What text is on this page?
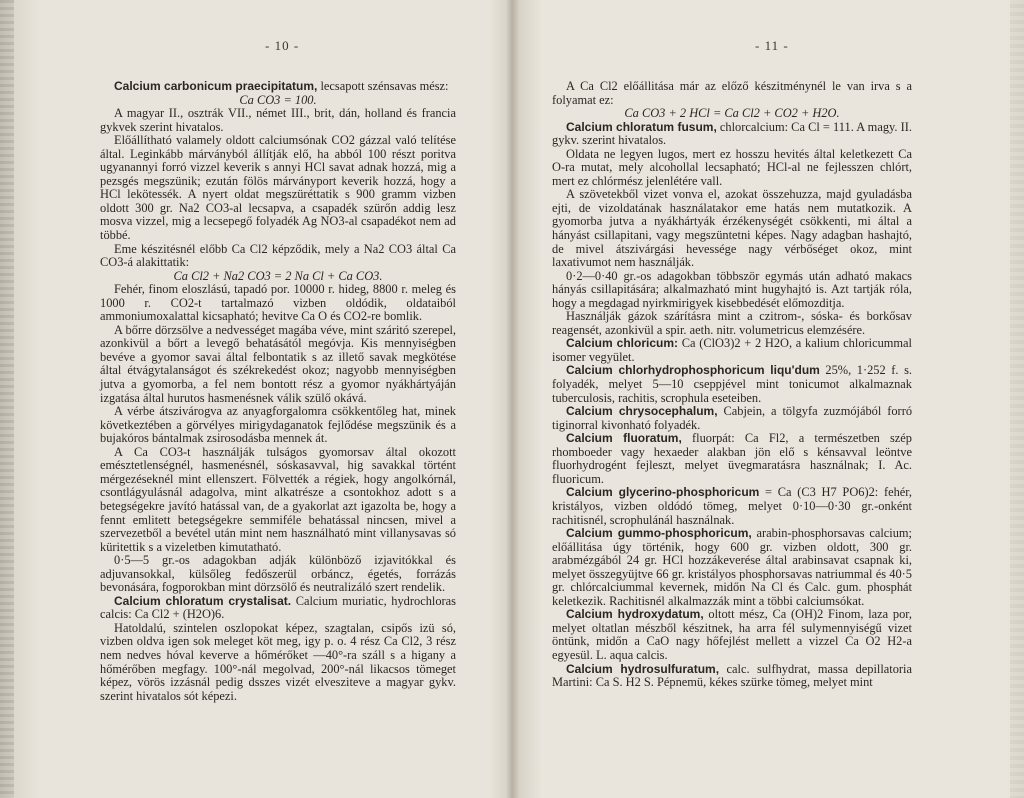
- 10 -

Calcium carbonicum praecipitatum, lecsapott szénsavas mész:

Ca CO3 = 100.

A magyar II., osztrák VII., német III., brit, dán, holland és francia gykvek szerint hivatalos.

Előállítható valamely oldott calciumsónak CO2 gázzal való telítése által. Leginkább márványból állítják elő, ha abból 100 részt poritva ugyanannyi forró vizzel keverik s annyi HCl savat adnak hozzá, mig a pezsgés megszünik; ezután fölös márványport keverik hozzá, hogy a HCl lekötessék. A nyert oldat megszüréttatik s 900 gramm vizben oldott 300 gr. Na2 CO3-al lecsapva, a csapadék szürőn addig lesz mosva vizzel, mig a lecsepegő folyadék Ag NO3-al csapadékot nem ad többé.

Eme készitésnél előbb Ca Cl2 képződik, mely a Na2 CO3 által Ca CO3-á alakittatik:

Ca Cl2 + Na2 CO3 = 2 Na Cl + Ca CO3.

Fehér, finom eloszlású, tapadó por. 10000 r. hideg, 8800 r. meleg és 1000 r. CO2-t tartalmazó vizben oldódik, oldataiból ammoniumoxalattal kicsapható; hevitve Ca O és CO2-re bomlik.

A bőrre dörzsölve a nedvességet magába véve, mint száritó szerepel, azonkivül a bőrt a levegő behatásától megóvja. Kis mennyiségben bevéve a gyomor savai által felbontatik s az illető savak megkötése által étvágytalanságot és székrekedést okoz; nagyobb mennyiségben jutva a gyomorba, a fel nem bontott rész a gyomor nyákhártyáján izgatása által hurutos hasmenésnek válik szülő okává.

A vérbe átszivárogva az anyagforgalomra csökkentőleg hat, minek következtében a görvélyes mirigydaganatok fejlődése megszünik és a bujakóros bántalmak zsirosodásba mennek át.

A Ca CO3-t használják tulságos gyomorsav által okozott emésztetlenségnél, hasmenésnél, sóskasavval, hig savakkal történt mérgezéseknél mint ellenszert. Fölvették a régiek, hogy angolkórnál, csontlágyulásnál adagolva, mint alkatrésze a csontokhoz adott s a betegségekre javító hatással van, de a gyakorlat azt igazolta be, hogy a fennt emlitett betegségekre semmiféle behatással nincsen, mivel a szervezetből a bevétel után mint nem használható mint villanysavas só küritettik s a vizeletben kimutatható.

0·5—5 gr.-os adagokban adják különböző izjavitókkal és adjuvansokkal, külsőleg fedőszerül orbáncz, égetés, forrázás bevonására, fogporokban mint dörzsölő és neutralizáló szert rendelik.

Calcium chloratum crystalisat. Calcium muriatic, hydrochloras calcis: Ca Cl2 + (H2O)6.

Hatoldalú, szintelen oszlopokat képez, szagtalan, csipős izü só, vizben oldva igen sok meleget köt meg, igy p. o. 4 rész Ca Cl2, 3 rész nem nedves hóval keverve a hőmérőket —40°-ra száll s a higany a hőmérőben megfagy. 100°-nál megolvad, 200°-nál likacsos tömeget képez, vörös izzásnál pedig dsszes vizét elvesziteve a magyar gykv. szerint hivatalos sót képezi.

- 11 -

A Ca Cl2 előállitása már az előző készitménynél le van irva s a folyamat ez:

Ca CO3 + 2 HCl = Ca Cl2 + CO2 + H2O.

Calcium chloratum fusum, chlorcalcium: Ca Cl = 111. A magy. II. gykv. szerint hivatalos.

Oldata ne legyen lugos, mert ez hosszu hevités által keletkezett Ca O-ra mutat, mely alcohollal lecsapható; HCl-al ne fejlesszen chlórt, mert ez chlórmész jelenlétére vall.

A szövetekből vizet vonva el, azokat összehuzza, majd gyuladásba ejti, de vizoldatának használatakor eme hatás nem mutatkozik. A gyomorba jutva a nyákhártyák érzékenységét csökkenti, mi által a hányást csillapitani, vagy megszüntetni képes. Nagy adagban hashajtó, de mivel átszivárgási hevessége nagy vérbőséget okoz, mint laxativumot nem használják.

0·2—0·40 gr.-os adagokban többször egymás után adható makacs hányás csillapitására; alkalmazható mint hugyhajtó is. Azt tartják róla, hogy a megdagad nyirkmirigyek kisebbedését előmozditja.

Használják gázok szárításra mint a czitrom-, sóska- és borkősav reagensét, azonkivül a spir. aeth. nitr. volumetricus elemzésére.

Calcium chloricum: Ca (ClO3)2 + 2 H2O, a kalium chloricummal isomer vegyület.

Calcium chlorhydrophosphoricum liqu'dum 25%, 1·252 f. s. folyadék, melyet 5—10 cseppjével mint tonicumot alkalmaznak tuberculosis, rachitis, scrophula eseteiben.

Calcium chrysocephalum, Cabjein, a tölgyfa zuzmójából forró tiginorral kivonható folyadék.

Calcium fluoratum, fluorpát: Ca Fl2, a természetben szép rhomboeder vagy hexaeder alakban jön elő s kénsavval leöntve fluorhydrogént fejleszt, melyet üvegmaratásra használnak; I. Ac. fluoricum.

Calcium glycerino-phosphoricum = Ca (C3 H7 PO6)2: fehér, kristályos, vizben oldódó tömeg, melyet 0·10—0·30 gr.-onként rachitisnél, scrophulánál használnak.

Calcium gummo-phosphoricum, arabin-phosphorsavas calcium; előállitása úgy történik, hogy 600 gr. vizben oldott, 300 gr. arabmézgából 24 gr. HCl hozzákeverése által arabinsavat csapnak ki, melyet összegyüjtve 66 gr. kristályos phosphorsavas natriummal és 40·5 gr. chlórcalciummal kevernek, midőn Na Cl és Calc. gum. phosphát keletkezik. Rachitisnél alkalmazzák mint a többi calciumsókat.

Calcium hydroxydatum, oltott mész, Ca (OH)2 Finom, laza por, melyet oltatlan mészből készitnek, ha arra fél sulymennyiségű vizet öntünk, midőn a CaO nagy hőfejlést mellett a vizzel Ca O2 H2-a egyesül. L. aqua calcis.

Calcium hydrosulfuratum, calc. sulfhydrat, massa depillatoria Martini: Ca S. H2 S. Pépnemü, kékes szürke tömeg, melyet mint
